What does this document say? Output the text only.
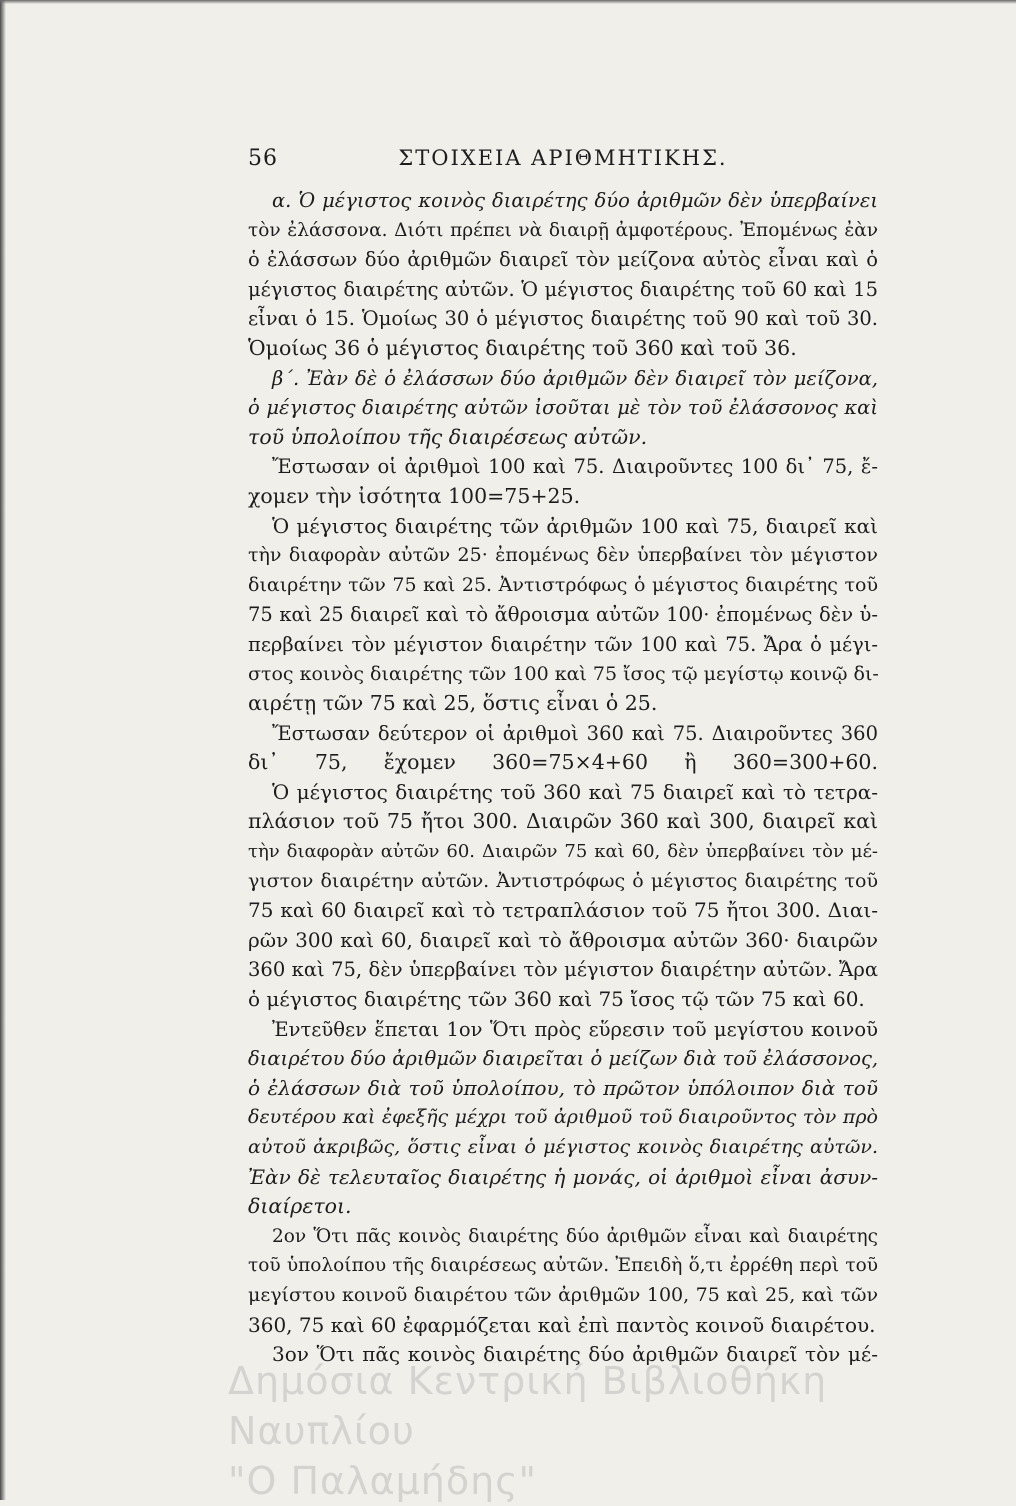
56	ΣΤΟΙΧΕΙΑ ΑΡΙΘΜΗΤΙΚΗΣ.
α. Ὁ μέγιστος κοινὸς διαιρέτης δύο ἀριθμῶν δὲν ὑπερβαίνει
τὸν ἐλάσσονα. Διότι πρέπει νὰ διαιρῇ ἀμφοτέρους. Ἐπομένως ἐὰν
ὁ ἐλάσσων δύο ἀριθμῶν διαιρεῖ τὸν μείζονα αὐτὸς εἶναι καὶ ὁ
μέγιστος διαιρέτης αὐτῶν. Ὁ μέγιστος διαιρέτης τοῦ 60 καὶ 15
εἶναι ὁ 15. Ὁμοίως 30 ὁ μέγιστος διαιρέτης τοῦ 90 καὶ τοῦ 30.
Ὁμοίως 36 ὁ μέγιστος διαιρέτης τοῦ 360 καὶ τοῦ 36.
β΄. Ἐὰν δὲ ὁ ἐλάσσων δύο ἀριθμῶν δὲν διαιρεῖ τὸν μείζονα,
ὁ μέγιστος διαιρέτης αὐτῶν ἰσοῦται μὲ τὸν τοῦ ἐλάσσονος καὶ
τοῦ ὑπολοίπου τῆς διαιρέσεως αὐτῶν.
Ἔστωσαν οἱ ἀριθμοὶ 100 καὶ 75. Διαιροῦντες 100 δι᾽ 75, ἔ-
χομεν τὴν ἰσότητα 100=75+25.
Ὁ μέγιστος διαιρέτης τῶν ἀριθμῶν 100 καὶ 75, διαιρεῖ καὶ
τὴν διαφορὰν αὐτῶν 25· ἐπομένως δὲν ὑπερβαίνει τὸν μέγιστον
διαιρέτην τῶν 75 καὶ 25. Ἀντιστρόφως ὁ μέγιστος διαιρέτης τοῦ
75 καὶ 25 διαιρεῖ καὶ τὸ ἄθροισμα αὐτῶν 100· ἐπομένως δὲν ὑ-
περβαίνει τὸν μέγιστον διαιρέτην τῶν 100 καὶ 75. Ἄρα ὁ μέγι-
στος κοινὸς διαιρέτης τῶν 100 καὶ 75 ἴσος τῷ μεγίστῳ κοινῷ δι-
αιρέτῃ τῶν 75 καὶ 25, ὅστις εἶναι ὁ 25.
Ἔστωσαν δεύτερον οἱ ἀριθμοὶ 360 καὶ 75. Διαιροῦντες 360
δι᾽ 75, ἔχομεν 360=75×4+60 ἢ 360=300+60.
Ὁ μέγιστος διαιρέτης τοῦ 360 καὶ 75 διαιρεῖ καὶ τὸ τετρα-
πλάσιον τοῦ 75 ἤτοι 300. Διαιρῶν 360 καὶ 300, διαιρεῖ καὶ
τὴν διαφορὰν αὐτῶν 60. Διαιρῶν 75 καὶ 60, δὲν ὑπερβαίνει τὸν μέ-
γιστον διαιρέτην αὐτῶν. Ἀντιστρόφως ὁ μέγιστος διαιρέτης τοῦ
75 καὶ 60 διαιρεῖ καὶ τὸ τετραπλάσιον τοῦ 75 ἤτοι 300. Διαι-
ρῶν 300 καὶ 60, διαιρεῖ καὶ τὸ ἄθροισμα αὐτῶν 360· διαιρῶν
360 καὶ 75, δὲν ὑπερβαίνει τὸν μέγιστον διαιρέτην αὐτῶν. Ἄρα
ὁ μέγιστος διαιρέτης τῶν 360 καὶ 75 ἴσος τῷ τῶν 75 καὶ 60.
Ἐντεῦθεν ἕπεται 1ον Ὅτι πρὸς εὕρεσιν τοῦ μεγίστου κοινοῦ
διαιρέτου δύο ἀριθμῶν διαιρεῖται ὁ μείζων διὰ τοῦ ἐλάσσονος,
ὁ ἐλάσσων διὰ τοῦ ὑπολοίπου, τὸ πρῶτον ὑπόλοιπον διὰ τοῦ
δευτέρου καὶ ἐφεξῆς μέχρι τοῦ ἀριθμοῦ τοῦ διαιροῦντος τὸν πρὸ
αὐτοῦ ἀκριβῶς, ὅστις εἶναι ὁ μέγιστος κοινὸς διαιρέτης αὐτῶν.
Ἐὰν δὲ τελευταῖος διαιρέτης ἡ μονάς, οἱ ἀριθμοὶ εἶναι ἀσυν-
διαίρετοι.
2ον Ὅτι πᾶς κοινὸς διαιρέτης δύο ἀριθμῶν εἶναι καὶ διαιρέτης
τοῦ ὑπολοίπου τῆς διαιρέσεως αὐτῶν. Ἐπειδὴ ὅ,τι ἐρρέθη περὶ τοῦ
μεγίστου κοινοῦ διαιρέτου τῶν ἀριθμῶν 100, 75 καὶ 25, καὶ τῶν
360, 75 καὶ 60 ἐφαρμόζεται καὶ ἐπὶ παντὸς κοινοῦ διαιρέτου.
3ον Ὅτι πᾶς κοινὸς διαιρέτης δύο ἀριθμῶν διαιρεῖ τὸν μέ-
Δημόσια Κεντρική Βιβλιοθήκη Ναυπλίου
"Ο Παλαμήδης"
